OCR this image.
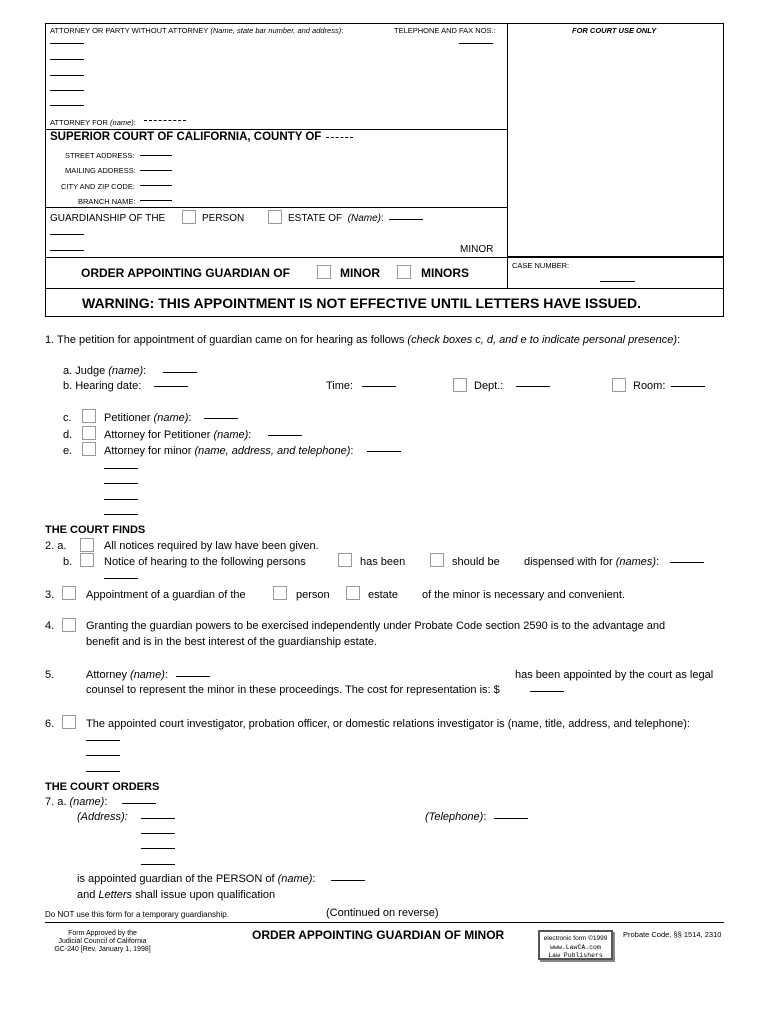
ATTORNEY OR PARTY WITHOUT ATTORNEY (Name, state bar number, and address):	TELEPHONE AND FAX NOS.:	FOR COURT USE ONLY
ATTORNEY FOR (name):
SUPERIOR COURT OF CALIFORNIA, COUNTY OF
STREET ADDRESS:
MAILING ADDRESS:
CITY AND ZIP CODE:
BRANCH NAME:
GUARDIANSHIP OF THE	PERSON	ESTATE OF (Name):
MINOR
ORDER APPOINTING GUARDIAN OF	MINOR	MINORS
CASE NUMBER:
WARNING: THIS APPOINTMENT IS NOT EFFECTIVE UNTIL LETTERS HAVE ISSUED.
1. The petition for appointment of guardian came on for hearing as follows (check boxes c, d, and e to indicate personal presence):
a. Judge (name):
b. Hearing date:	Time:	Dept.:	Room:
c.	Petitioner (name):
d.	Attorney for Petitioner (name):
e.	Attorney for minor (name, address, and telephone):
THE COURT FINDS
2. a.	All notices required by law have been given.
b.	Notice of hearing to the following persons	has been	should be dispensed with for (names):
3.	Appointment of a guardian of the	person	estate of the minor is necessary and convenient.
4.	Granting the guardian powers to be exercised independently under Probate Code section 2590 is to the advantage and
benefit and is in the best interest of the guardianship estate.
5.	Attorney (name):	has been appointed by the court as legal
counsel to represent the minor in these proceedings. The cost for representation is: $
6.	The appointed court investigator, probation officer, or domestic relations investigator is (name, title, address, and telephone):
THE COURT ORDERS
7. a. (name):
(Address):	(Telephone):
is appointed guardian of the PERSON of (name):
and Letters shall issue upon qualification
Do NOT use this form for a temporary guardianship.	(Continued on reverse)
Form Approved by the
Judicial Council of California
GC-240 [Rev. January 1, 1998]
ORDER APPOINTING GUARDIAN OF MINOR	electronic form ©1999
www.LawCA.com
Law Publishers
Probate Code, §§ 1514, 2310
